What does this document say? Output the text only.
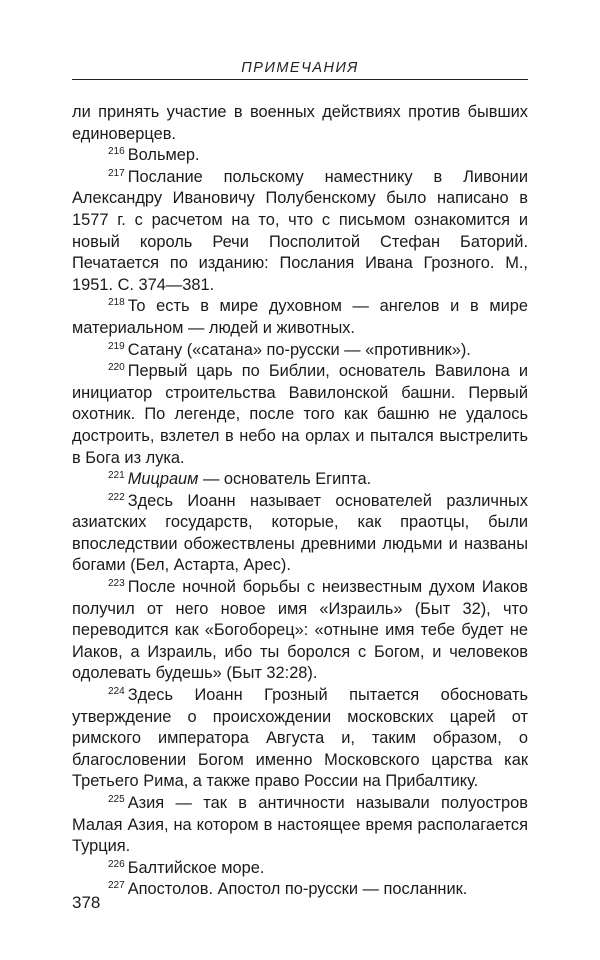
ПРИМЕЧАНИЯ

ли принять участие в военных действиях против бывших единоверцев.

$^{216}$ Вольмер.

$^{217}$ Послание польскому наместнику в Ливонии Александру Ивановичу Полубенскому было написано в 1577 г. с расчетом на то, что с письмом ознакомится и новый король Речи Посполитой Стефан Баторий. Печатается по изданию: Послания Ивана Грозного. М., 1951. С. 374—381.

$^{218}$ То есть в мире духовном — ангелов и в мире материальном — людей и животных.

$^{219}$ Сатану («сатана» по-русски — «противник»).

$^{220}$ Первый царь по Библии, основатель Вавилона и инициатор строительства Вавилонской башни. Первый охотник. По легенде, после того как башню не удалось достроить, взлетел в небо на орлах и пытался выстрелить в Бога из лука.

$^{221}$ Мицраим — основатель Египта.

$^{222}$ Здесь Иоанн называет основателей различных азиатских государств, которые, как праотцы, были впоследствии обожествлены древними людьми и названы богами (Бел, Астарта, Арес).

$^{223}$ После ночной борьбы с неизвестным духом Иаков получил от него новое имя «Израиль» (Быт 32), что переводится как «Богоборец»: «отныне имя тебе будет не Иаков, а Израиль, ибо ты боролся с Богом, и человеков одолевать будешь» (Быт 32:28).

$^{224}$ Здесь Иоанн Грозный пытается обосновать утверждение о происхождении московских царей от римского императора Августа и, таким образом, о благословении Богом именно Московского царства как Третьего Рима, а также право России на Прибалтику.

$^{225}$ Азия — так в античности называли полуостров Малая Азия, на котором в настоящее время располагается Турция.

$^{226}$ Балтийское море.

$^{227}$ Апостолов. Апостол по-русски — посланник.

378
